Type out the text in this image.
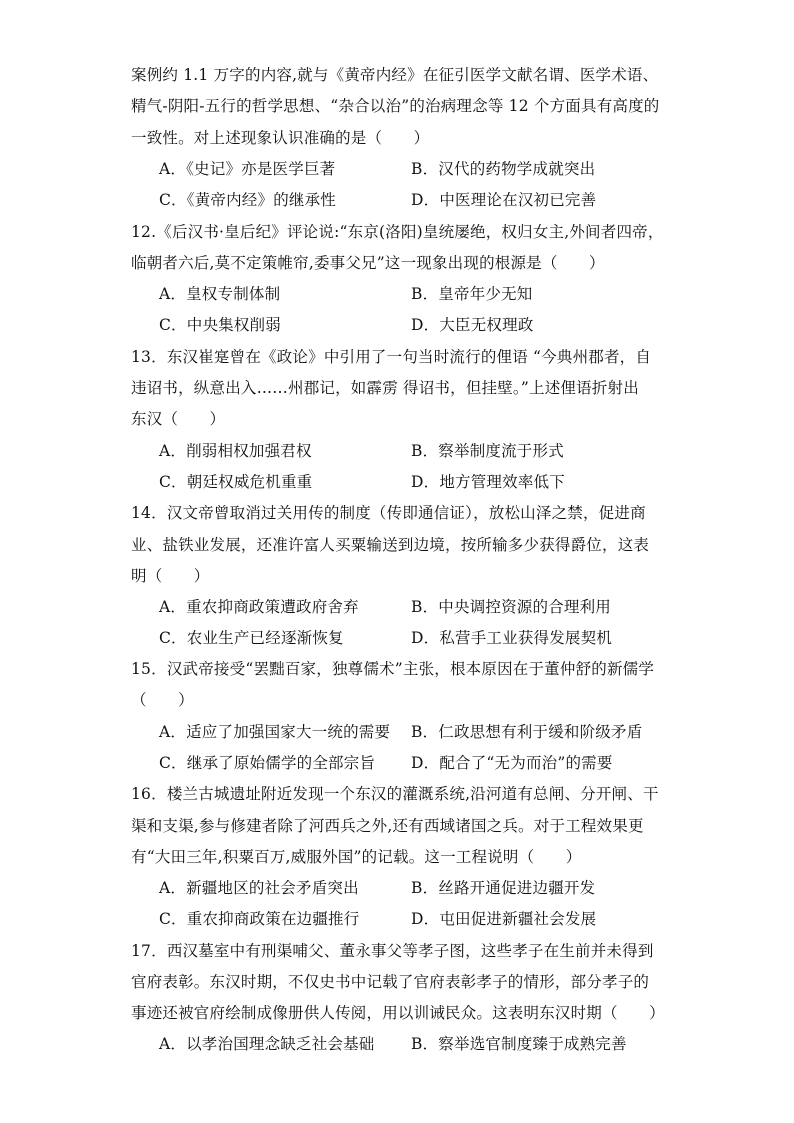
案例约 1.1 万字的内容,就与《黄帝内经》在征引医学文献名谓、医学术语、
精气-阴阳-五行的哲学思想、“杂合以治”的治病理念等 12 个方面具有高度的
一致性。对上述现象认识准确的是（　　）
A．《史记》亦是医学巨著	B．汉代的药物学成就突出
C．《黄帝内经》的继承性	D．中医理论在汉初已完善
12.《后汉书·皇后纪》评论说:“东京(洛阳)皇统屡绝，权归女主,外间者四帝，
临朝者六后,莫不定策帷帘,委事父兄”这一现象出现的根源是（　　）
A．皇权专制体制	B．皇帝年少无知
C．中央集权削弱	D．大臣无权理政
13．东汉崔寔曾在《政论》中引用了一句当时流行的俚语 “今典州郡者，自
违诏书，纵意出入……州郡记，如霹雳 得诏书，但挂壁。”上述俚语折射出
东汉（　　）
A．削弱相权加强君权	B．察举制度流于形式
C．朝廷权威危机重重	D．地方管理效率低下
14．汉文帝曾取消过关用传的制度（传即通信证），放松山泽之禁，促进商
业、盐铁业发展，还准许富人买粟输送到边境，按所输多少获得爵位，这表
明（　　）
A．重农抑商政策遭政府舍弃	B．中央调控资源的合理利用
C．农业生产已经逐渐恢复	D．私营手工业获得发展契机
15．汉武帝接受“罢黜百家，独尊儒术”主张，根本原因在于董仲舒的新儒学
（　　）
A．适应了加强国家大一统的需要 B．仁政思想有利于缓和阶级矛盾
C．继承了原始儒学的全部宗旨 D．配合了“无为而治”的需要
16．楼兰古城遗址附近发现一个东汉的灌溉系统,沿河道有总闸、分开闸、干
渠和支渠,参与修建者除了河西兵之外,还有西域诸国之兵。对于工程效果更
有“大田三年,积粟百万,威服外国”的记载。这一工程说明（　　）
A．新疆地区的社会矛盾突出	B．丝路开通促进边疆开发
C．重农抑商政策在边疆推行	D．屯田促进新疆社会发展
17．西汉墓室中有刑渠哺父、董永事父等孝子图，这些孝子在生前并未得到
官府表彰。东汉时期，不仅史书中记载了官府表彰孝子的情形，部分孝子的
事迹还被官府绘制成像册供人传阅，用以训诫民众。这表明东汉时期（　　）
A．以孝治国理念缺乏社会基础 B．察举选官制度臻于成熟完善
